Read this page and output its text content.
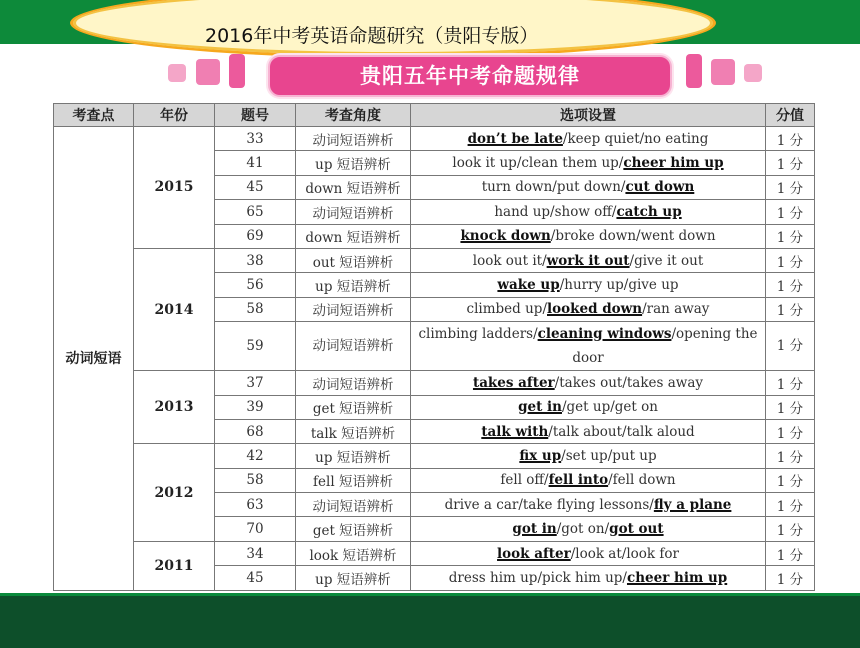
2016年中考英语命题研究（贵阳专版）
贵阳五年中考命题规律
考查点	年份	题号	考查角度	选项设置	分值
动词短语	2015	33	动词短语辨析	don’t be late/keep quiet/no eating	1 分
		41	up 短语辨析	look it up/clean them up/cheer him up	1 分
		45	down 短语辨析	turn down/put down/cut down	1 分
		65	动词短语辨析	hand up/show off/catch up	1 分
		69	down 短语辨析	knock down/broke down/went down	1 分
	2014	38	out 短语辨析	look out it/work it out/give it out	1 分
		56	up 短语辨析	wake up/hurry up/give up	1 分
		58	动词短语辨析	climbed up/looked down/ran away	1 分
		59	动词短语辨析	climbing ladders/cleaning windows/opening the door	1 分
	2013	37	动词短语辨析	takes after/takes out/takes away	1 分
		39	get 短语辨析	get in/get up/get on	1 分
		68	talk 短语辨析	talk with/talk about/talk aloud	1 分
	2012	42	up 短语辨析	fix up/set up/put up	1 分
		58	fell 短语辨析	fell off/fell into/fell down	1 分
		63	动词短语辨析	drive a car/take flying lessons/fly a plane	1 分
		70	get 短语辨析	got in/got on/got out	1 分
	2011	34	look 短语辨析	look after/look at/look for	1 分
		45	up 短语辨析	dress him up/pick him up/cheer him up	1 分
